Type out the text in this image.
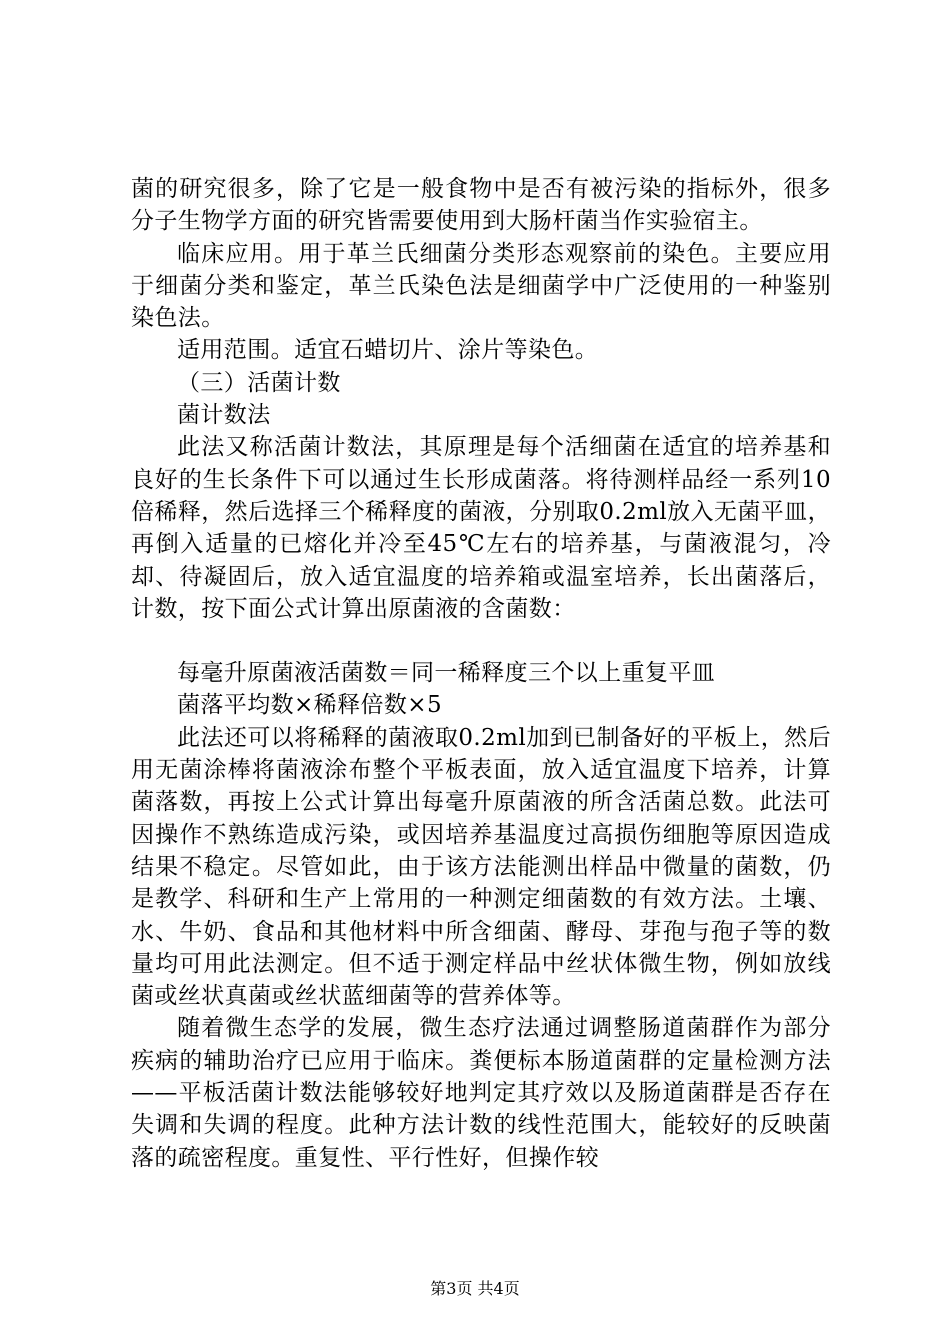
菌的研究很多，除了它是一般食物中是否有被污染的指标外，很多分子生物学方面的研究皆需要使用到大肠杆菌当作实验宿主。

临床应用。用于革兰氏细菌分类形态观察前的染色。主要应用于细菌分类和鉴定，革兰氏染色法是细菌学中广泛使用的一种鉴别染色法。

适用范围。适宜石蜡切片、涂片等染色。

（三）活菌计数

菌计数法

此法又称活菌计数法，其原理是每个活细菌在适宜的培养基和良好的生长条件下可以通过生长形成菌落。将待测样品经一系列10倍稀释，然后选择三个稀释度的菌液，分别取0.2ml放入无菌平皿，再倒入适量的已熔化并冷至45℃左右的培养基，与菌液混匀，冷却、待凝固后，放入适宜温度的培养箱或温室培养，长出菌落后，计数，按下面公式计算出原菌液的含菌数：

每毫升原菌液活菌数＝同一稀释度三个以上重复平皿

菌落平均数×稀释倍数×5

此法还可以将稀释的菌液取0.2ml加到已制备好的平板上，然后用无菌涂棒将菌液涂布整个平板表面，放入适宜温度下培养，计算菌落数，再按上公式计算出每毫升原菌液的所含活菌总数。此法可因操作不熟练造成污染，或因培养基温度过高损伤细胞等原因造成结果不稳定。尽管如此，由于该方法能测出样品中微量的菌数，仍是教学、科研和生产上常用的一种测定细菌数的有效方法。土壤、水、牛奶、食品和其他材料中所含细菌、酵母、芽孢与孢子等的数量均可用此法测定。但不适于测定样品中丝状体微生物，例如放线菌或丝状真菌或丝状蓝细菌等的营养体等。

随着微生态学的发展，微生态疗法通过调整肠道菌群作为部分疾病的辅助治疗已应用于临床。粪便标本肠道菌群的定量检测方法——平板活菌计数法能够较好地判定其疗效以及肠道菌群是否存在失调和失调的程度。此种方法计数的线性范围大，能较好的反映菌落的疏密程度。重复性、平行性好，但操作较

第3页 共4页
